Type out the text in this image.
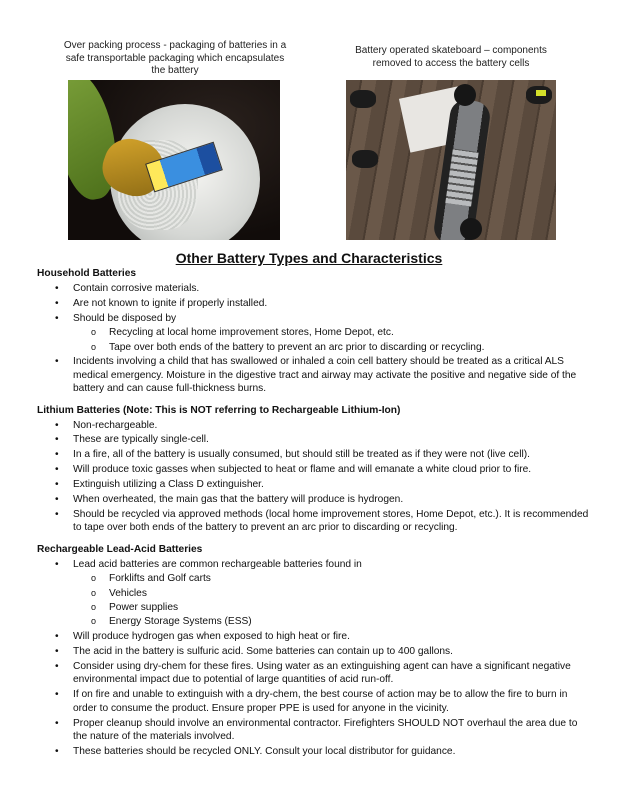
Over packing process - packaging of batteries in a safe transportable packaging which encapsulates the battery
Battery operated skateboard – components removed to access the battery cells
Other Battery Types and Characteristics
Household Batteries
• Contain corrosive materials.
• Are not known to ignite if properly installed.
• Should be disposed by
o Recycling at local home improvement stores, Home Depot, etc.
o Tape over both ends of the battery to prevent an arc prior to discarding or recycling.
• Incidents involving a child that has swallowed or inhaled a coin cell battery should be treated as a critical ALS medical emergency. Moisture in the digestive tract and airway may activate the positive and negative side of the battery and can cause full-thickness burns.
Lithium Batteries (Note: This is NOT referring to Rechargeable Lithium-Ion)
• Non-rechargeable.
• These are typically single-cell.
• In a fire, all of the battery is usually consumed, but should still be treated as if they were not (live cell).
• Will produce toxic gasses when subjected to heat or flame and will emanate a white cloud prior to fire.
• Extinguish utilizing a Class D extinguisher.
• When overheated, the main gas that the battery will produce is hydrogen.
• Should be recycled via approved methods (local home improvement stores, Home Depot, etc.). It is recommended to tape over both ends of the battery to prevent an arc prior to discarding or recycling.
Rechargeable Lead-Acid Batteries
• Lead acid batteries are common rechargeable batteries found in
o Forklifts and Golf carts
o Vehicles
o Power supplies
o Energy Storage Systems (ESS)
• Will produce hydrogen gas when exposed to high heat or fire.
• The acid in the battery is sulfuric acid. Some batteries can contain up to 400 gallons.
• Consider using dry-chem for these fires. Using water as an extinguishing agent can have a significant negative environmental impact due to potential of large quantities of acid run-off.
• If on fire and unable to extinguish with a dry-chem, the best course of action may be to allow the fire to burn in order to consume the product. Ensure proper PPE is used for anyone in the vicinity.
• Proper cleanup should involve an environmental contractor. Firefighters SHOULD NOT overhaul the area due to the nature of the materials involved.
• These batteries should be recycled ONLY. Consult your local distributor for guidance.
